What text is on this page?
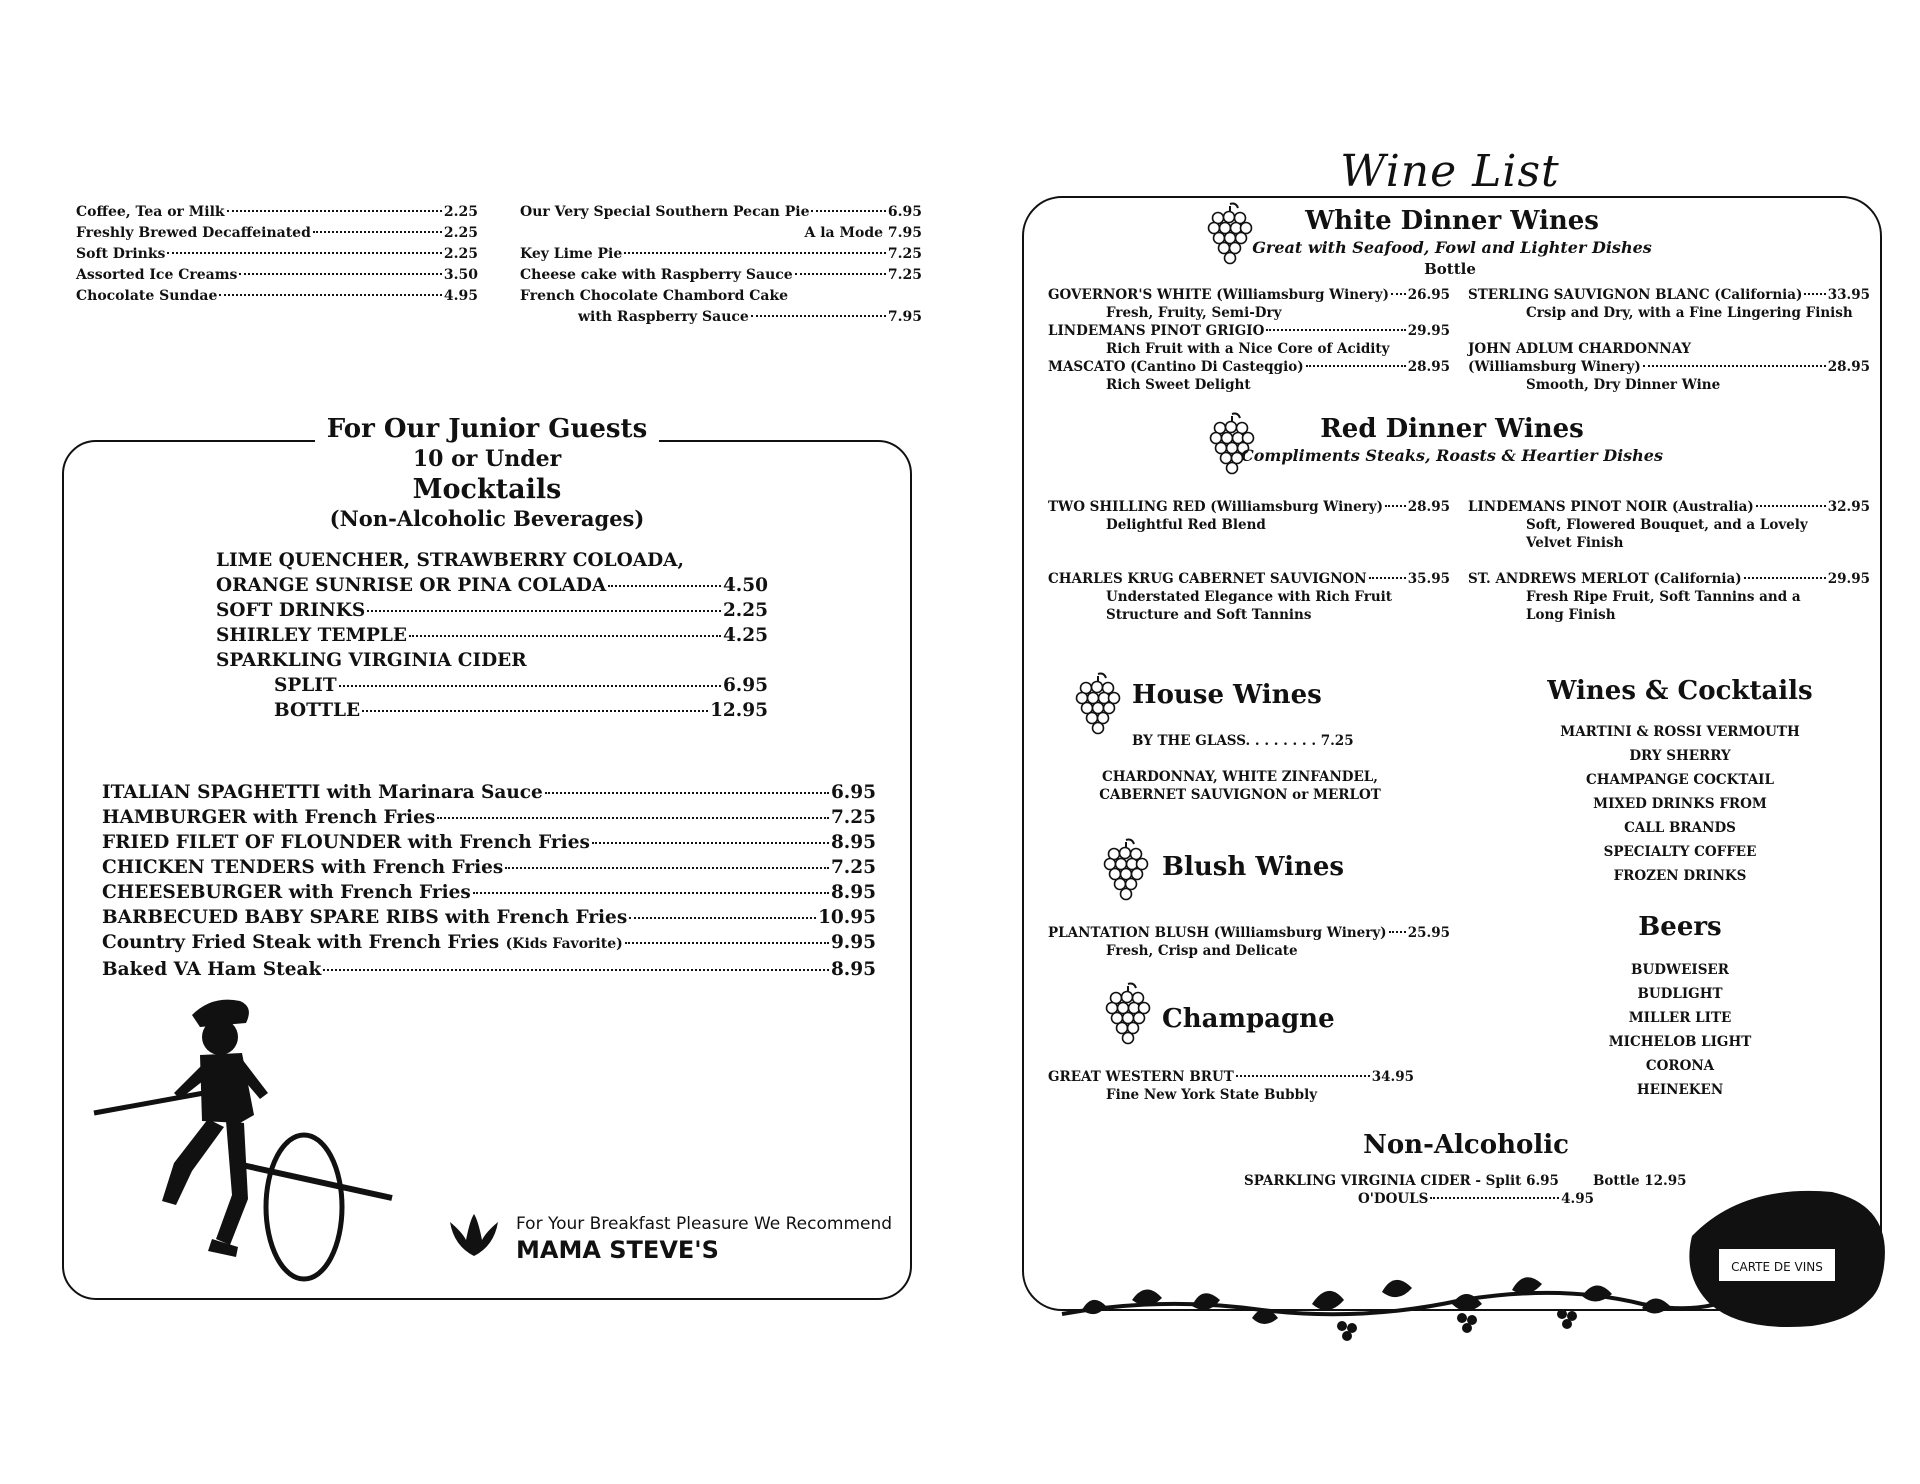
Coffee, Tea or Milk	2.25
Freshly Brewed Decaffeinated	2.25
Soft Drinks	2.25
Assorted Ice Creams	3.50
Chocolate Sundae	4.95
Our Very Special Southern Pecan Pie	6.95
A la Mode 7.95
Key Lime Pie	7.25
Cheese cake with Raspberry Sauce	7.25
French Chocolate Chambord Cake
with Raspberry Sauce	7.95
For Our Junior Guests
10 or Under
Mocktails
(Non-Alcoholic Beverages)
LIME QUENCHER, STRAWBERRY COLOADA,
ORANGE SUNRISE OR PINA COLADA	4.50
SOFT DRINKS	2.25
SHIRLEY TEMPLE	4.25
SPARKLING VIRGINIA CIDER
SPLIT	6.95
BOTTLE	12.95
ITALIAN SPAGHETTI with Marinara Sauce	6.95
HAMBURGER with French Fries	7.25
FRIED FILET OF FLOUNDER with French Fries	8.95
CHICKEN TENDERS with French Fries	7.25
CHEESEBURGER with French Fries	8.95
BARBECUED BABY SPARE RIBS with French Fries	10.95
Country Fried Steak with French Fries
(Kids Favorite)	9.95
Baked VA Ham Steak	8.95
For Your Breakfast Pleasure We Recommend
MAMA STEVE'S
Wine List
White Dinner Wines
Great with Seafood, Fowl and Lighter Dishes
Bottle
GOVERNOR'S WHITE (Williamsburg Winery) 26.95
Fresh, Fruity, Semi-Dry
LINDEMANS PINOT GRIGIO	29.95
Rich Fruit with a Nice Core of Acidity
MASCATO (Cantino Di Casteqgio)	28.95
Rich Sweet Delight
STERLING SAUVIGNON BLANC (California) 33.95
Crsip and Dry, with a Fine Lingering Finish
JOHN ADLUM CHARDONNAY
(Williamsburg Winery)	28.95
Smooth, Dry Dinner Wine
Red Dinner Wines
Compliments Steaks, Roasts & Heartier Dishes
TWO SHILLING RED (Williamsburg Winery) 28.95
Delightful Red Blend
LINDEMANS PINOT NOIR (Australia)	32.95
Soft, Flowered Bouquet, and a Lovely
Velvet Finish
CHARLES KRUG CABERNET SAUVIGNON	35.95
Understated Elegance with Rich Fruit
Structure and Soft Tannins
ST. ANDREWS MERLOT (California)	29.95
Fresh Ripe Fruit, Soft Tannins and a
Long Finish
House Wines
BY THE GLASS. . . . . . . . 7.25
CHARDONNAY, WHITE ZINFANDEL,
CABERNET SAUVIGNON or MERLOT
Blush Wines
PLANTATION BLUSH (Williamsburg Winery) 25.95
Fresh, Crisp and Delicate
Champagne
GREAT WESTERN BRUT	34.95
Fine New York State Bubbly
Wines & Cocktails
MARTINI & ROSSI VERMOUTH
DRY SHERRY
CHAMPANGE COCKTAIL
MIXED DRINKS FROM
CALL BRANDS
SPECIALTY COFFEE
FROZEN DRINKS
Beers
BUDWEISER
BUDLIGHT
MILLER LITE
MICHELOB LIGHT
CORONA
HEINEKEN
Non-Alcoholic
SPARKLING VIRGINIA CIDER - Split 6.95	Bottle 12.95
O'DOULS	4.95
CARTE DE VINS
